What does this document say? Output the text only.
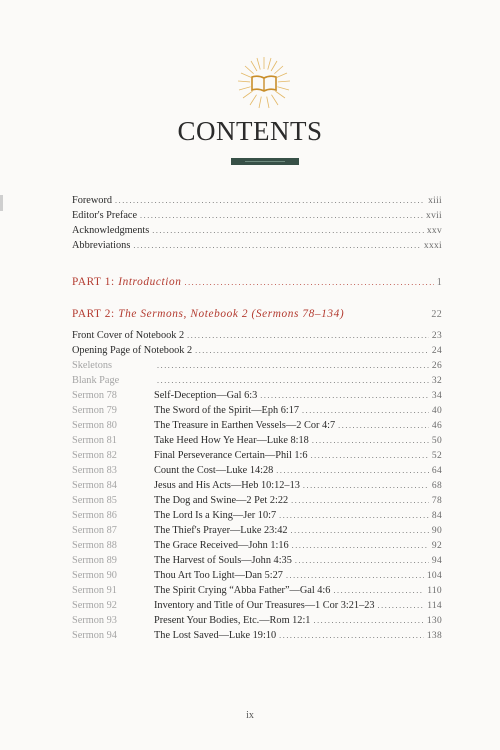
CONTENTS
Foreword .....	xiii
Editor's Preface .....	xvii
Acknowledgments .....	xxv
Abbreviations .....	xxxi
PART 1: Introduction .....	1
PART 2: The Sermons, Notebook 2 (Sermons 78–134)	22
Front Cover of Notebook 2 .....	23
Opening Page of Notebook 2 .....	24
Skeletons .....	26
Blank Page .....	32
Sermon 78	Self-Deception—Gal 6:3 .....	34
Sermon 79	The Sword of the Spirit—Eph 6:17 .....	40
Sermon 80	The Treasure in Earthen Vessels—2 Cor 4:7 .....	46
Sermon 81	Take Heed How Ye Hear—Luke 8:18 .....	50
Sermon 82	Final Perseverance Certain—Phil 1:6 .....	52
Sermon 83	Count the Cost—Luke 14:28 .....	64
Sermon 84	Jesus and His Acts—Heb 10:12–13 .....	68
Sermon 85	The Dog and Swine—2 Pet 2:22 .....	78
Sermon 86	The Lord Is a King—Jer 10:7 .....	84
Sermon 87	The Thief's Prayer—Luke 23:42 .....	90
Sermon 88	The Grace Received—John 1:16 .....	92
Sermon 89	The Harvest of Souls—John 4:35 .....	94
Sermon 90	Thou Art Too Light—Dan 5:27 .....	104
Sermon 91	The Spirit Crying “Abba Father”—Gal 4:6 .....	110
Sermon 92	Inventory and Title of Our Treasures—1 Cor 3:21–23 .....	114
Sermon 93	Present Your Bodies, Etc.—Rom 12:1 .....	130
Sermon 94	The Lost Saved—Luke 19:10 .....	138
ix
